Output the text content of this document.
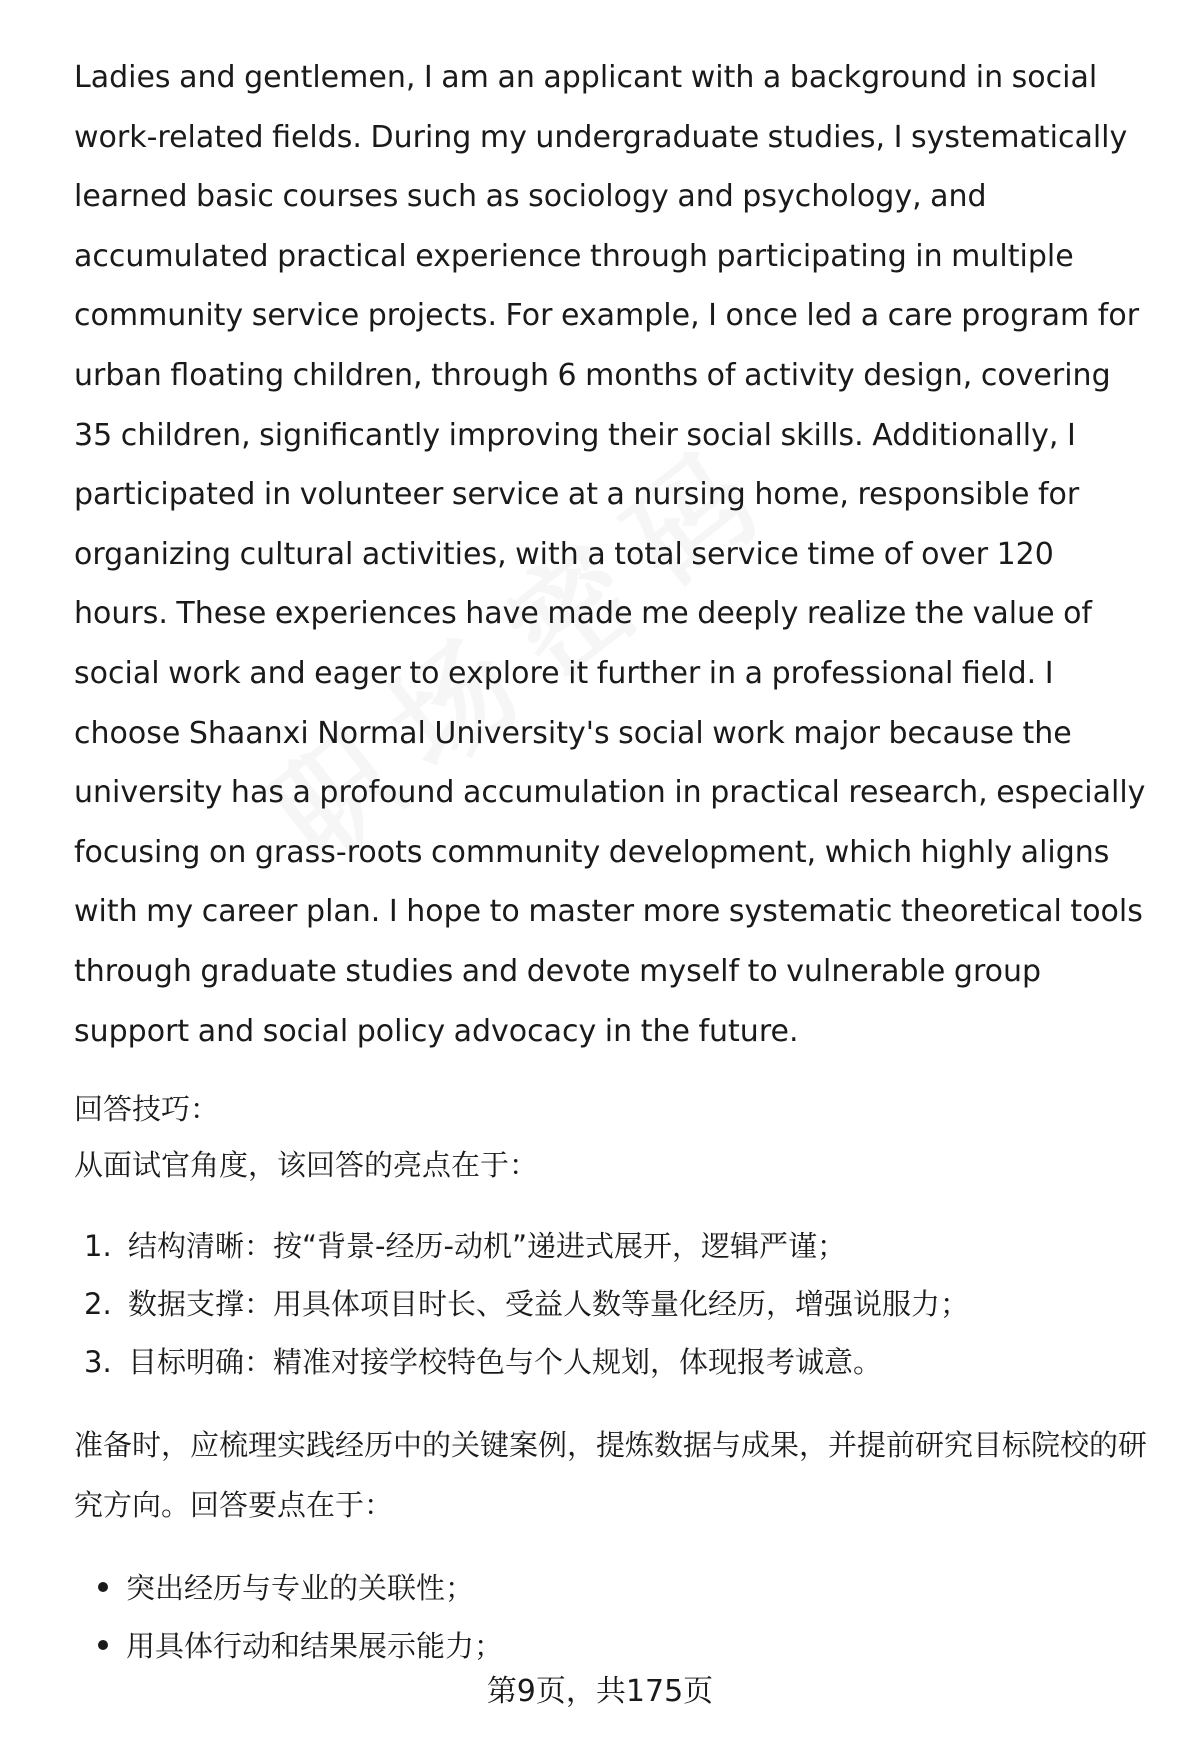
Ladies and gentlemen, I am an applicant with a background in social work-related fields. During my undergraduate studies, I systematically learned basic courses such as sociology and psychology, and accumulated practical experience through participating in multiple community service projects. For example, I once led a care program for urban floating children, through 6 months of activity design, covering 35 children, significantly improving their social skills. Additionally, I participated in volunteer service at a nursing home, responsible for organizing cultural activities, with a total service time of over 120 hours. These experiences have made me deeply realize the value of social work and eager to explore it further in a professional field. I choose Shaanxi Normal University's social work major because the university has a profound accumulation in practical research, especially focusing on grass-roots community development, which highly aligns with my career plan. I hope to master more systematic theoretical tools through graduate studies and devote myself to vulnerable group support and social policy advocacy in the future.

回答技巧：

从面试官角度，该回答的亮点在于：

1. 结构清晰：按“背景-经历-动机”递进式展开，逻辑严谨；
2. 数据支撑：用具体项目时长、受益人数等量化经历，增强说服力；
3. 目标明确：精准对接学校特色与个人规划，体现报考诚意。

准备时，应梳理实践经历中的关键案例，提炼数据与成果，并提前研究目标院校的研究方向。回答要点在于：

突出经历与专业的关联性；
用具体行动和结果展示能力；
第9页，共175页
